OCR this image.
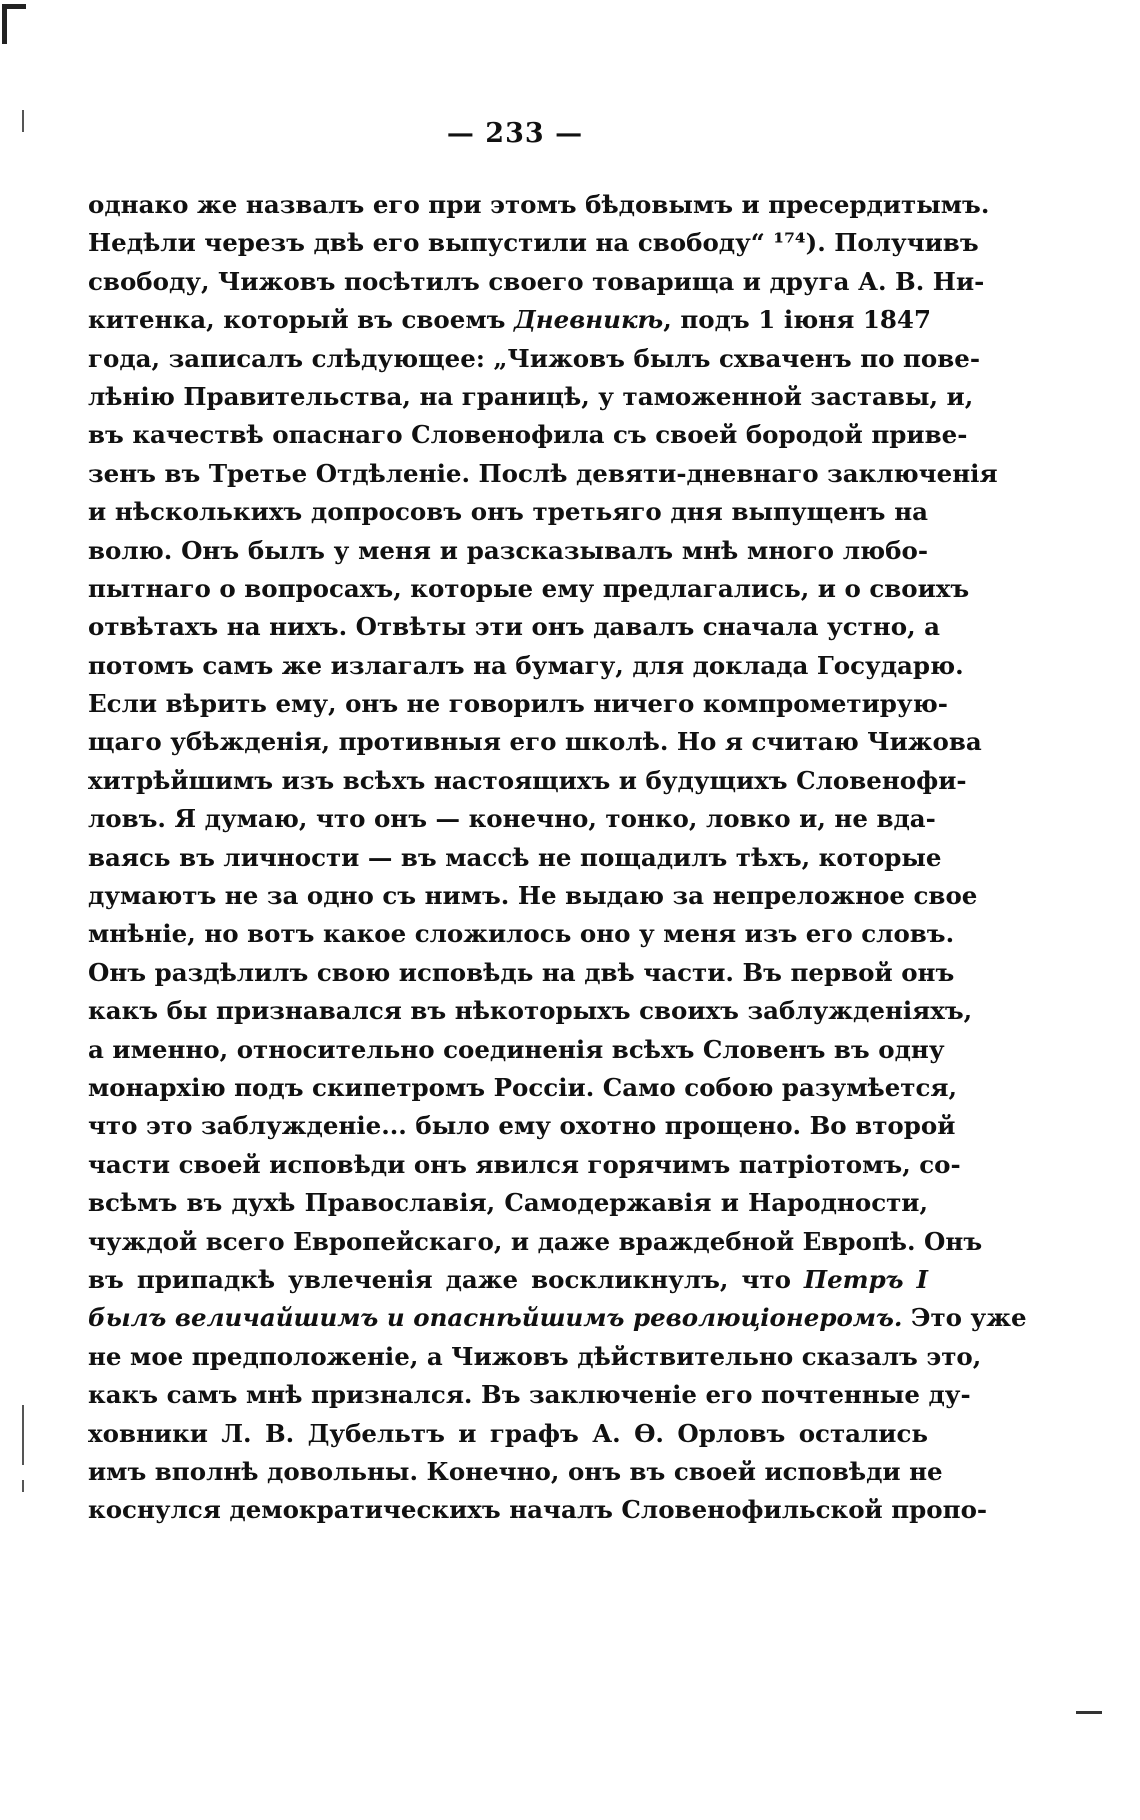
— 233 —
однако же назвалъ его при этомъ бѣдовымъ и пресердитымъ.
Недѣли черезъ двѣ его выпустили на свободу“ ¹⁷⁴). Получивъ
свободу, Чижовъ посѣтилъ своего товарища и друга А. В. Ни-
китенка, который въ своемъ Дневникѣ, подъ 1 іюня 1847
года, записалъ слѣдующее: „Чижовъ былъ схваченъ по пове-
лѣнію Правительства, на границѣ, у таможенной заставы, и,
въ качествѣ опаснаго Словенофила съ своей бородой приве-
зенъ въ Третье Отдѣленіе. Послѣ девяти-дневнаго заключенія
и нѣсколькихъ допросовъ онъ третьяго дня выпущенъ на
волю. Онъ былъ у меня и разсказывалъ мнѣ много любо-
пытнаго о вопросахъ, которые ему предлагались, и о своихъ
отвѣтахъ на нихъ. Отвѣты эти онъ давалъ сначала устно, а
потомъ самъ же излагалъ на бумагу, для доклада Государю.
Если вѣрить ему, онъ не говорилъ ничего компрометирую-
щаго убѣжденія, противныя его школѣ. Но я считаю Чижова
хитрѣйшимъ изъ всѣхъ настоящихъ и будущихъ Словенофи-
ловъ. Я думаю, что онъ — конечно, тонко, ловко и, не вда-
ваясь въ личности — въ массѣ не пощадилъ тѣхъ, которые
думаютъ не за одно съ нимъ. Не выдаю за непреложное свое
мнѣніе, но вотъ какое сложилось оно у меня изъ его словъ.
Онъ раздѣлилъ свою исповѣдь на двѣ части. Въ первой онъ
какъ бы признавался въ нѣкоторыхъ своихъ заблужденіяхъ,
а именно, относительно соединенія всѣхъ Словенъ въ одну
монархію подъ скипетромъ Россіи. Само собою разумѣется,
что это заблужденіе... было ему охотно прощено. Во второй
части своей исповѣди онъ явился горячимъ патріотомъ, со-
всѣмъ въ духѣ Православія, Самодержавія и Народности,
чуждой всего Европейскаго, и даже враждебной Европѣ. Онъ
въ припадкѣ увлеченія даже воскликнулъ, что Петръ I
былъ величайшимъ и опаснѣйшимъ революціонеромъ. Это уже
не мое предположеніе, а Чижовъ дѣйствительно сказалъ это,
какъ самъ мнѣ признался. Въ заключеніе его почтенные ду-
ховники Л. В. Дубельтъ и графъ А. Ѳ. Орловъ остались
имъ вполнѣ довольны. Конечно, онъ въ своей исповѣди не
коснулся демократическихъ началъ Словенофильской пропо-
